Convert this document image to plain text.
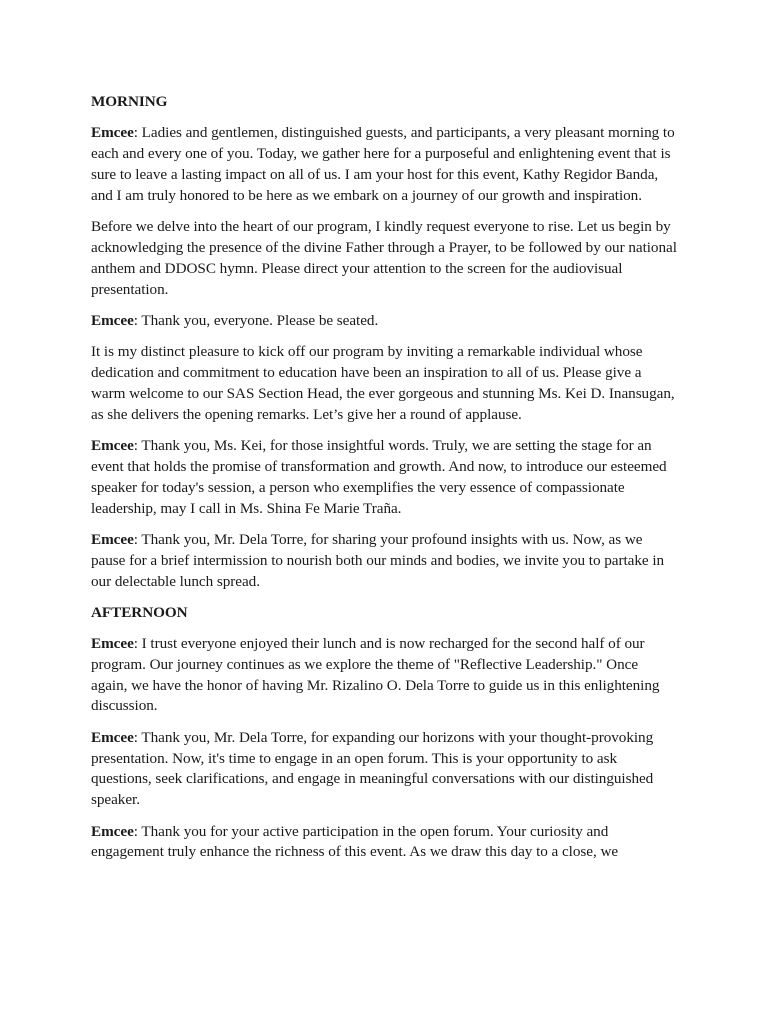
MORNING
Emcee: Ladies and gentlemen, distinguished guests, and participants, a very pleasant morning to each and every one of you. Today, we gather here for a purposeful and enlightening event that is sure to leave a lasting impact on all of us. I am your host for this event, Kathy Regidor Banda, and I am truly honored to be here as we embark on a journey of our growth and inspiration.
Before we delve into the heart of our program, I kindly request everyone to rise. Let us begin by acknowledging the presence of the divine Father through a Prayer, to be followed by our national anthem and DDOSC hymn. Please direct your attention to the screen for the audiovisual presentation.
Emcee: Thank you, everyone. Please be seated.
It is my distinct pleasure to kick off our program by inviting a remarkable individual whose dedication and commitment to education have been an inspiration to all of us. Please give a warm welcome to our SAS Section Head, the ever gorgeous and stunning Ms. Kei D. Inansugan, as she delivers the opening remarks. Let’s give her a round of applause.
Emcee: Thank you, Ms. Kei, for those insightful words. Truly, we are setting the stage for an event that holds the promise of transformation and growth. And now, to introduce our esteemed speaker for today's session, a person who exemplifies the very essence of compassionate leadership, may I call in Ms. Shina Fe Marie Traña.
Emcee: Thank you, Mr. Dela Torre, for sharing your profound insights with us. Now, as we pause for a brief intermission to nourish both our minds and bodies, we invite you to partake in our delectable lunch spread.
AFTERNOON
Emcee: I trust everyone enjoyed their lunch and is now recharged for the second half of our program. Our journey continues as we explore the theme of "Reflective Leadership." Once again, we have the honor of having Mr. Rizalino O. Dela Torre to guide us in this enlightening discussion.
Emcee: Thank you, Mr. Dela Torre, for expanding our horizons with your thought-provoking presentation. Now, it's time to engage in an open forum. This is your opportunity to ask questions, seek clarifications, and engage in meaningful conversations with our distinguished speaker.
Emcee: Thank you for your active participation in the open forum. Your curiosity and engagement truly enhance the richness of this event. As we draw this day to a close, we
